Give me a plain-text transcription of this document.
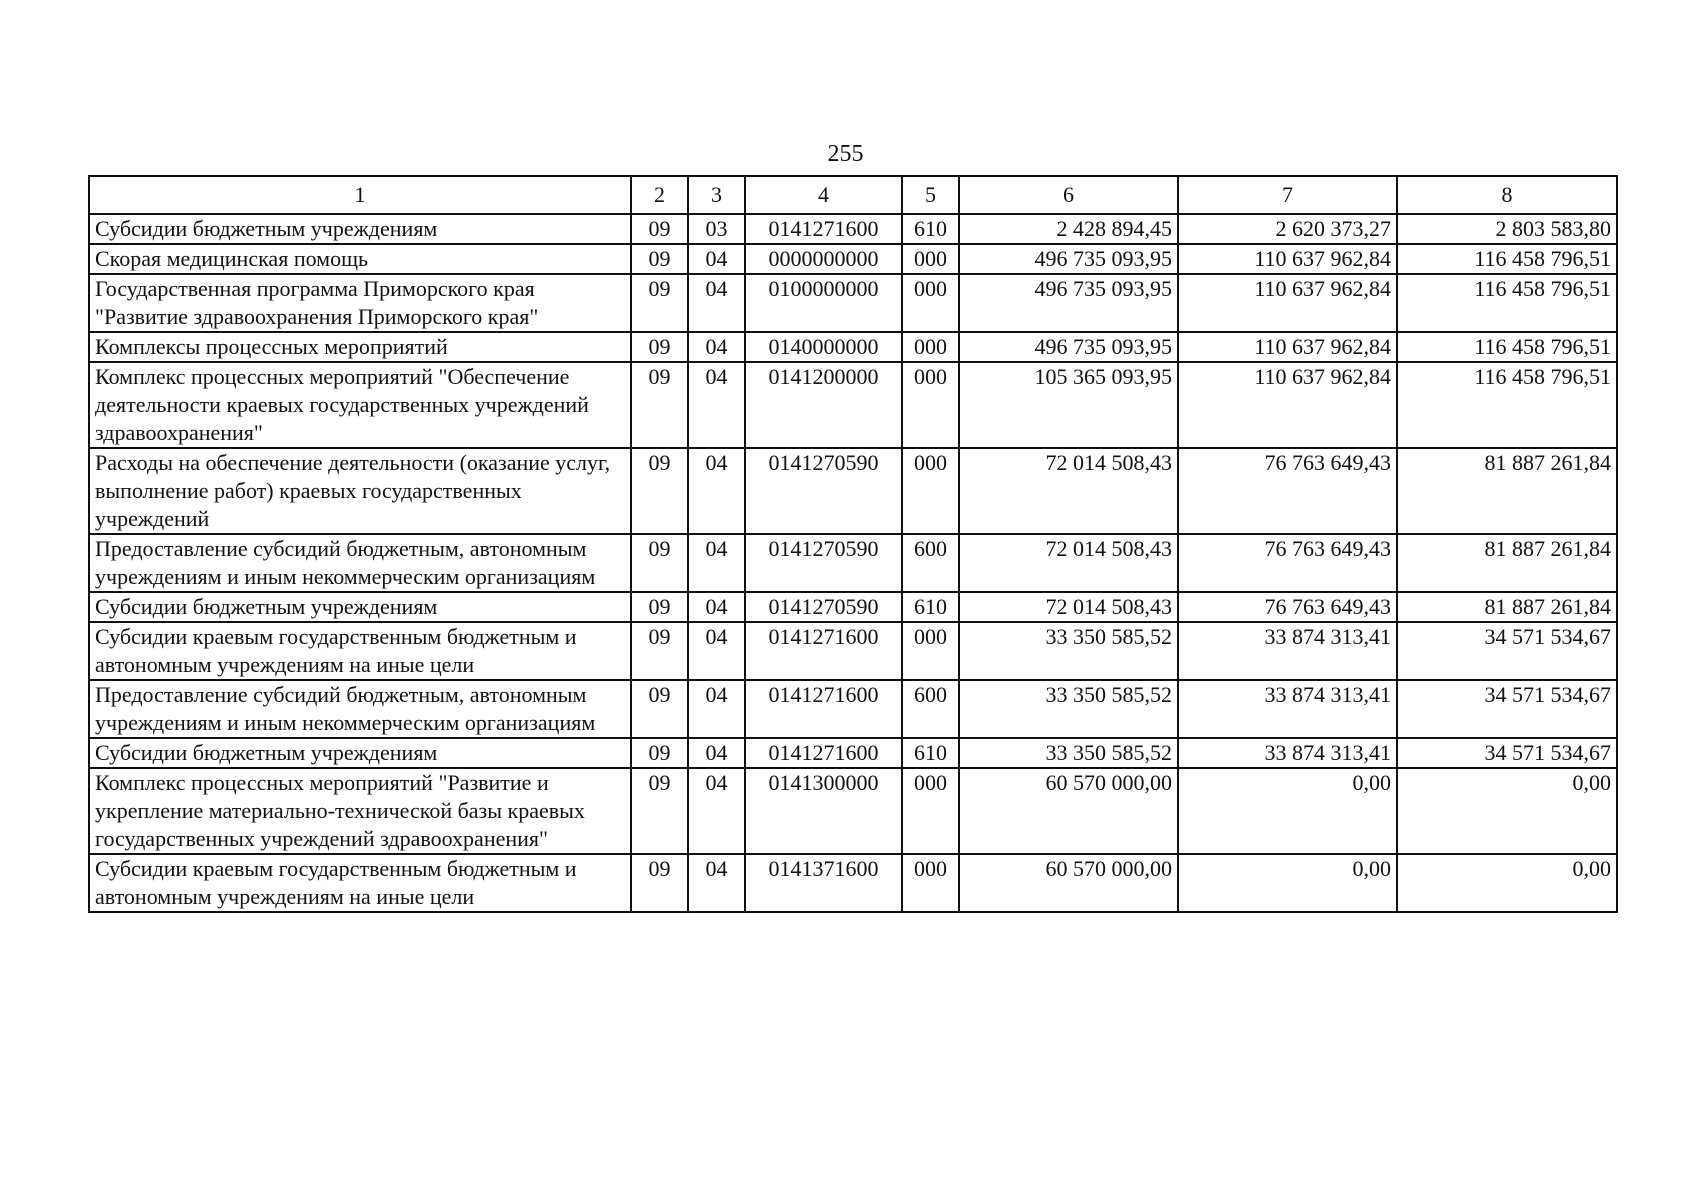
255
1	2	3	4	5	6	7	8
Субсидии бюджетным учреждениям	09	03	0141271600	610	2 428 894,45	2 620 373,27	2 803 583,80
Скорая медицинская помощь	09	04	0000000000	000	496 735 093,95	110 637 962,84	116 458 796,51
Государственная программа Приморского края "Развитие здравоохранения Приморского края"	09	04	0100000000	000	496 735 093,95	110 637 962,84	116 458 796,51
Комплексы процессных мероприятий	09	04	0140000000	000	496 735 093,95	110 637 962,84	116 458 796,51
Комплекс процессных мероприятий "Обеспечение деятельности краевых государственных учреждений здравоохранения"	09	04	0141200000	000	105 365 093,95	110 637 962,84	116 458 796,51
Расходы на обеспечение деятельности (оказание услуг, выполнение работ) краевых государственных учреждений	09	04	0141270590	000	72 014 508,43	76 763 649,43	81 887 261,84
Предоставление субсидий бюджетным, автономным учреждениям и иным некоммерческим организациям	09	04	0141270590	600	72 014 508,43	76 763 649,43	81 887 261,84
Субсидии бюджетным учреждениям	09	04	0141270590	610	72 014 508,43	76 763 649,43	81 887 261,84
Субсидии краевым государственным бюджетным и автономным учреждениям на иные цели	09	04	0141271600	000	33 350 585,52	33 874 313,41	34 571 534,67
Предоставление субсидий бюджетным, автономным учреждениям и иным некоммерческим организациям	09	04	0141271600	600	33 350 585,52	33 874 313,41	34 571 534,67
Субсидии бюджетным учреждениям	09	04	0141271600	610	33 350 585,52	33 874 313,41	34 571 534,67
Комплекс процессных мероприятий "Развитие и укрепление материально-технической базы краевых государственных учреждений здравоохранения"	09	04	0141300000	000	60 570 000,00	0,00	0,00
Субсидии краевым государственным бюджетным и автономным учреждениям на иные цели	09	04	0141371600	000	60 570 000,00	0,00	0,00
